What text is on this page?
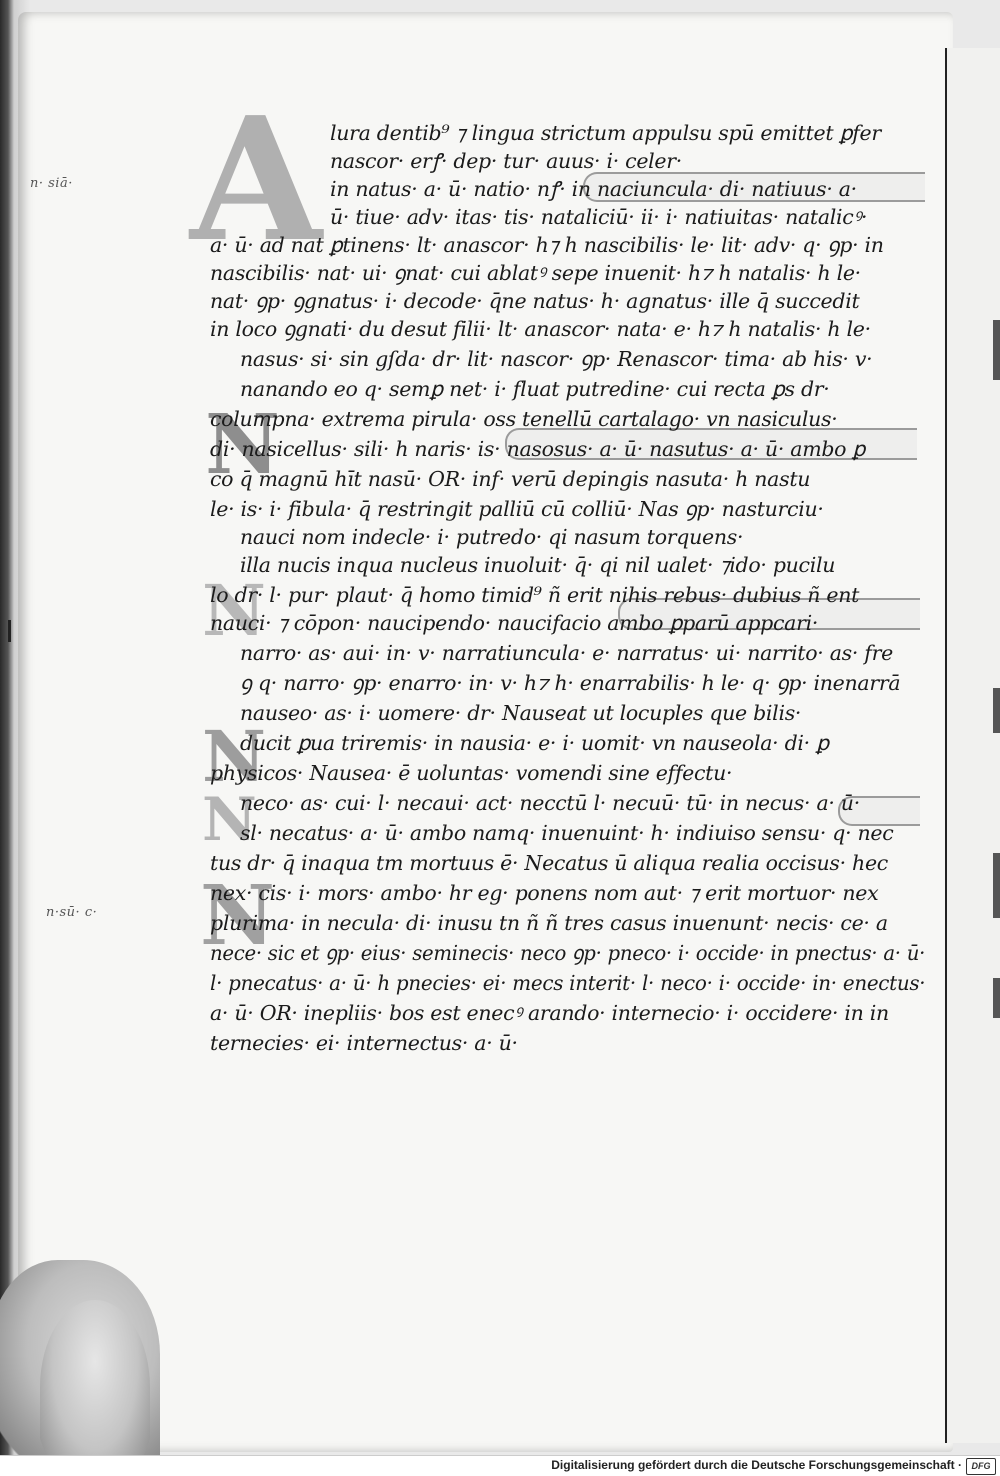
n· siā·
n·sū· c·
A
N
N
N
N
N
lura dentib⁹ ⁊ lingua strictum appulsu spū emittet ꝑfer
nascor· erꝭ· dep· tur· auus· i· celer·
in natus· a· ū· natio· nꝭ· in naciuncula· di· natiuus· a·
ū· tiue· adv· itas· tis· nataliciū· ii· i· natiuitas· natalicꝰ·
a· ū· ad nat ꝑtinens· lt· anascor· h⁊ h nascibilis· le· lit· adv· q· ꝯp· in
nascibilis· nat· ui· ꝯnat· cui ablatꝰ sepe inuenit· h⁊ h natalis· h le·
nat· ꝯp· ꝯgnatus· i· decode· q̄ne natus· h· agnatus· ille q̄ succedit
in loco ꝯgnati· du desut filii· lt· anascor· nata· e· h⁊ h natalis· h le·
nasus· si· sin gſda· dr· lit· nascor· ꝯp· Renascor· tima· ab his· v·
nanando eo q· semꝑ net· i· fluat putredine· cui recta ꝑs dr·
columpna· extrema pirula· oss tenellū cartalago· vn nasiculus·
di· nasicellus· sili· h naris· is· nasosus· a· ū· nasutus· a· ū· ambo ꝑ
co q̄ magnū hīt nasū· OR· inf· verū depingis nasuta· h nastu
le· is· i· fibula· q̄ restringit palliū cū colliū· Nas ꝯp· nasturciu·
nauci nom indecle· i· putredo· qi nasum torquens·
illa nucis inqua nucleus inuoluit· q̄· qi nil ualet· ⁊ido· pucilu
lo dr· l· pur· plaut· q̄ homo timid⁹ ñ erit nihis rebus· dubius ñ ent
nauci· ⁊ cōpon· naucipendo· naucifacio ambo ꝑparū appcari·
narro· as· aui· in· v· narratiuncula· e· narratus· ui· narrito· as· fre
ꝯ q· narro· ꝯp· enarro· in· v· h⁊ h· enarrabilis· h le· q· ꝯp· inenarrā
nauseo· as· i· uomere· dr· Nauseat ut locuples que bilis·
ducit ꝑua triremis· in nausia· e· i· uomit· vn nauseola· di· ꝑ
physicos· Nausea· ē uoluntas· vomendi sine effectu·
neco· as· cui· l· necaui· act· necctū l· necuū· tū· in necus· a· ū·
sl· necatus· a· ū· ambo namq· inuenuint· h· indiuiso sensu· q· nec
tus dr· q̄ inaqua tm mortuus ē· Necatus ū aliqua realia occisus· hec
nex· cis· i· mors· ambo· hr eg· ponens nom aut· ⁊ erit mortuor· nex
plurima· in necula· di· inusu tn ñ ñ tres casus inuenunt· necis· ce· a
nece· sic et ꝯp· eius· seminecis· neco ꝯp· pneco· i· occide· in pnectus· a· ū·
l· pnecatus· a· ū· h pnecies· ei· mecs interit· l· neco· i· occide· in· enectus·
a· ū· OR· inepliis· bos est enecꝰ arando· internecio· i· occidere· in in
ternecies· ei· internectus· a· ū·
Digitalisierung gefördert durch die Deutsche Forschungsgemeinschaft ·	DFG
